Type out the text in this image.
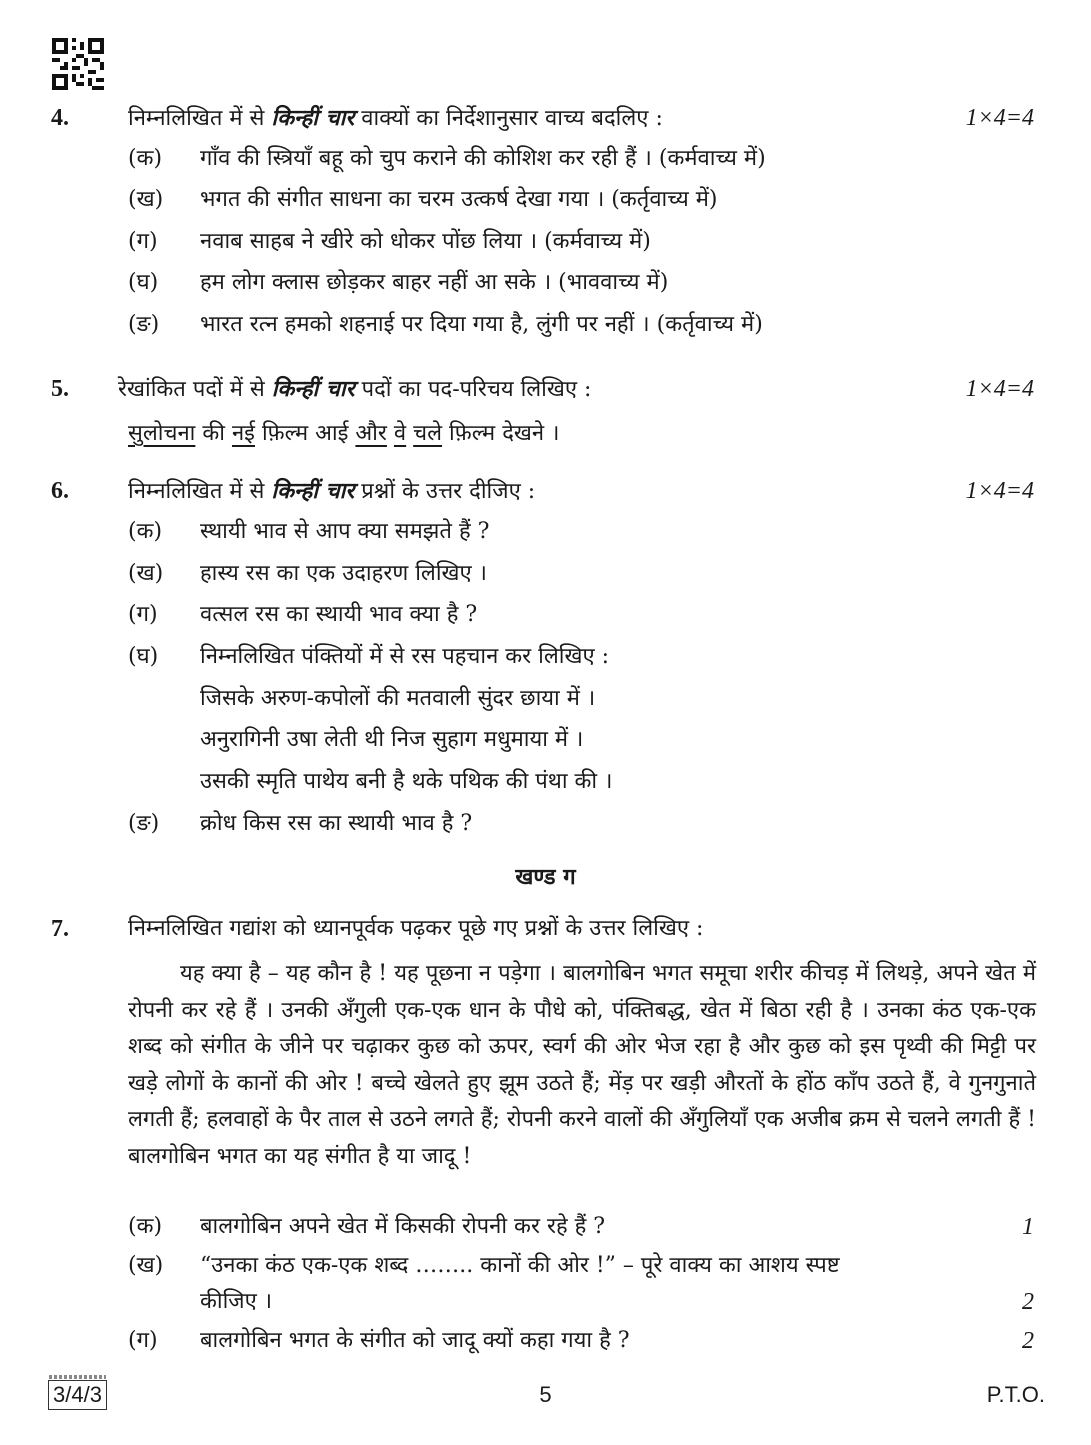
4.	निम्नलिखित में से किन्हीं चार वाक्यों का निर्देशानुसार वाच्य बदलिए :	1×4=4
(क) गाँव की स्त्रियाँ बहू को चुप कराने की कोशिश कर रही हैं । (कर्मवाच्य में)
(ख) भगत की संगीत साधना का चरम उत्कर्ष देखा गया । (कर्तृवाच्य में)
(ग) नवाब साहब ने खीरे को धोकर पोंछ लिया । (कर्मवाच्य में)
(घ) हम लोग क्लास छोड़कर बाहर नहीं आ सके । (भाववाच्य में)
(ङ) भारत रत्न हमको शहनाई पर दिया गया है, लुंगी पर नहीं । (कर्तृवाच्य में)
5. रेखांकित पदों में से किन्हीं चार पदों का पद-परिचय लिखिए :	1×4=4
सुलोचना की नई फ़िल्म आई और वे चले फ़िल्म देखने ।
6.	निम्नलिखित में से किन्हीं चार प्रश्नों के उत्तर दीजिए :	1×4=4
(क) स्थायी भाव से आप क्या समझते हैं ?
(ख) हास्य रस का एक उदाहरण लिखिए ।
(ग) वत्सल रस का स्थायी भाव क्या है ?
(घ) निम्नलिखित पंक्तियों में से रस पहचान कर लिखिए :
जिसके अरुण-कपोलों की मतवाली सुंदर छाया में ।
अनुरागिनी उषा लेती थी निज सुहाग मधुमाया में ।
उसकी स्मृति पाथेय बनी है थके पथिक की पंथा की ।
(ङ) क्रोध किस रस का स्थायी भाव है ?
खण्ड ग
7.	निम्नलिखित गद्यांश को ध्यानपूर्वक पढ़कर पूछे गए प्रश्नों के उत्तर लिखिए :
यह क्या है – यह कौन है ! यह पूछना न पड़ेगा । बालगोबिन भगत समूचा शरीर कीचड़ में लिथड़े, अपने खेत में रोपनी कर रहे हैं । उनकी अँगुली एक-एक धान के पौधे को, पंक्तिबद्ध, खेत में बिठा रही है । उनका कंठ एक-एक शब्द को संगीत के जीने पर चढ़ाकर कुछ को ऊपर, स्वर्ग की ओर भेज रहा है और कुछ को इस पृथ्वी की मिट्टी पर खड़े लोगों के कानों की ओर ! बच्चे खेलते हुए झूम उठते हैं; मेंड़ पर खड़ी औरतों के होंठ काँप उठते हैं, वे गुनगुनाते लगती हैं; हलवाहों के पैर ताल से उठने लगते हैं; रोपनी करने वालों की अँगुलियाँ एक अजीब क्रम से चलने लगती हैं ! बालगोबिन भगत का यह संगीत है या जादू !
(क) बालगोबिन अपने खेत में किसकी रोपनी कर रहे हैं ?	1
(ख) “उनका कंठ एक-एक शब्द …….. कानों की ओर !” – पूरे वाक्य का आशय स्पष्ट
कीजिए ।	2
(ग) बालगोबिन भगत के संगीत को जादू क्यों कहा गया है ?	2
3/4/3	5	P.T.O.
